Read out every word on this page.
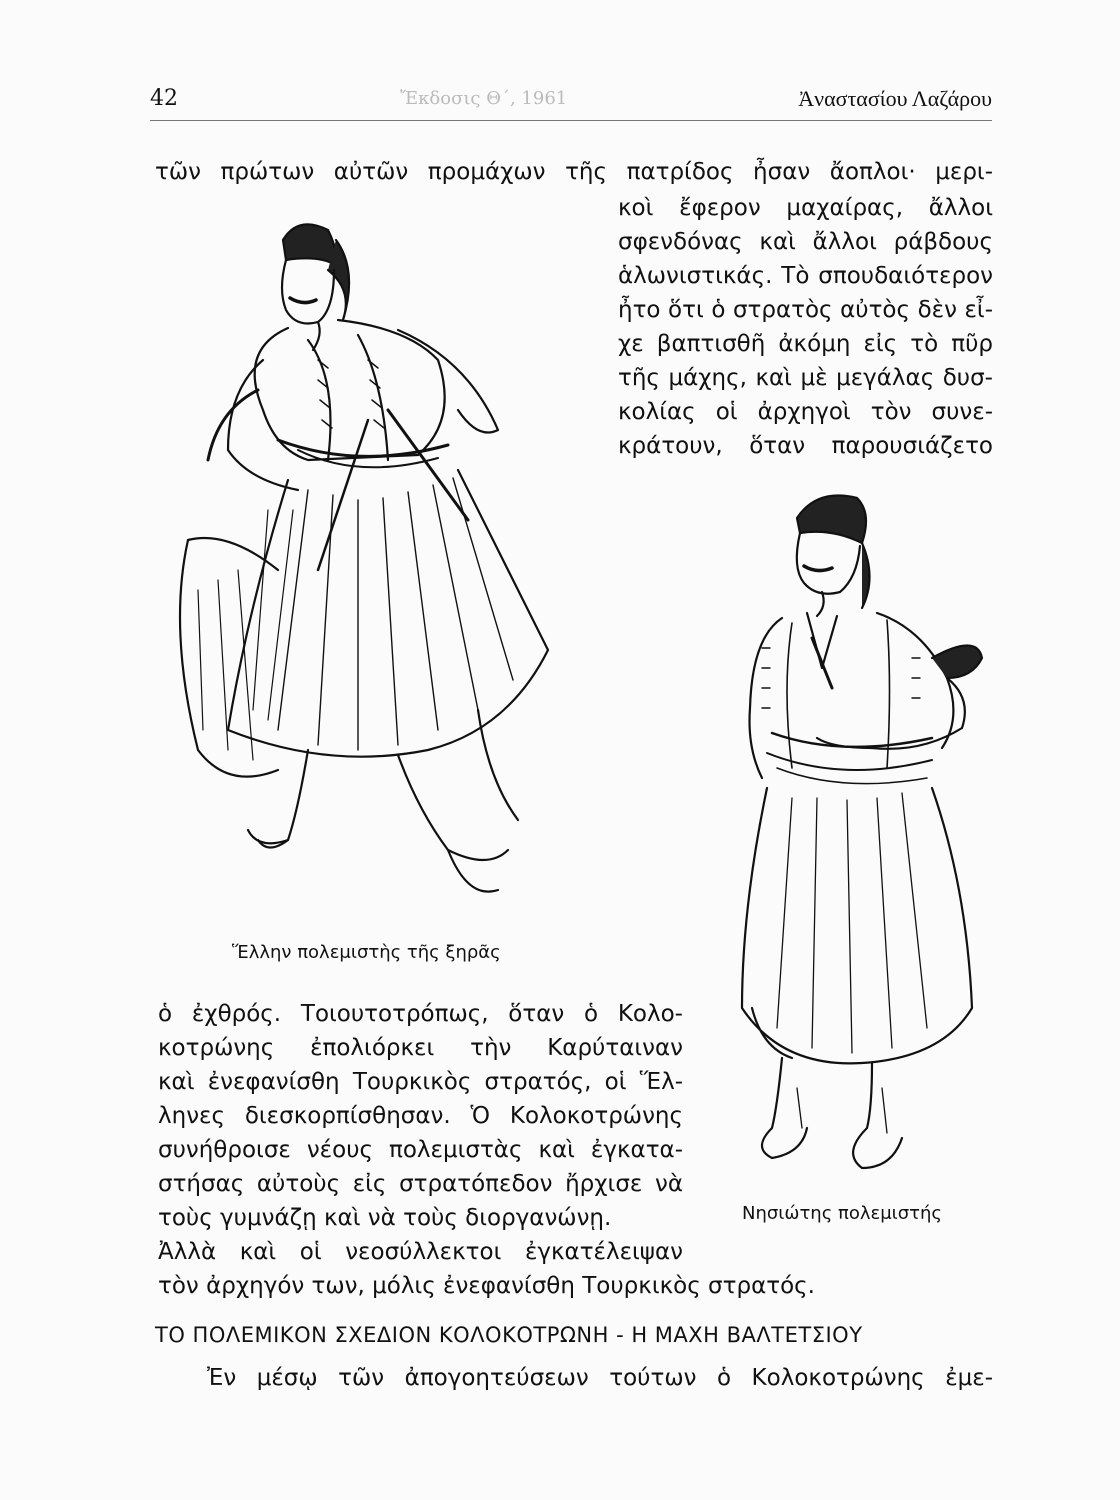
Ἔκδοσις Θ΄, 1961
42	Ἀναστασίου Λαζάρου
τῶν πρώτων αὐτῶν προμάχων τῆς πατρίδος ἦσαν ἄοπλοι· μερι-
κοὶ ἔφερον μαχαίρας, ἄλλοι
σφενδόνας καὶ ἄλλοι ράβδους
ἁλωνιστικάς. Τὸ σπουδαιότερον
ἦτο ὅτι ὁ στρατὸς αὐτὸς δὲν εἶ-
χε βαπτισθῆ ἀκόμη εἰς τὸ πῦρ
τῆς μάχης, καὶ μὲ μεγάλας δυσ-
κολίας οἱ ἀρχηγοὶ τὸν συνε-
κράτουν, ὅταν παρουσιάζετο
Ἕλλην πολεμιστὴς τῆς ξηρᾶς
Νησιώτης πολεμιστής
ὁ ἐχθρός. Τοιουτοτρόπως, ὅταν ὁ Κολο-
κοτρώνης ἐπολιόρκει τὴν Καρύταιναν
καὶ ἐνεφανίσθη Τουρκικὸς στρατός, οἱ Ἕλ-
ληνες διεσκορπίσθησαν. Ὁ Κολοκοτρώνης
συνήθροισε νέους πολεμιστὰς καὶ ἐγκατα-
στήσας αὐτοὺς εἰς στρατόπεδον ἤρχισε νὰ
τοὺς γυμνάζῃ καὶ νὰ τοὺς διοργανώνῃ.
Ἀλλὰ καὶ οἱ νεοσύλλεκτοι ἐγκατέλειψαν
τὸν ἀρχηγόν των, μόλις ἐνεφανίσθη Τουρκικὸς στρατός.
ΤΟ ΠΟΛΕΜΙΚΟΝ ΣΧΕΔΙΟΝ ΚΟΛΟΚΟΤΡΩΝΗ - Η ΜΑΧΗ ΒΑΛΤΕΤΣΙΟΥ
Ἐν μέσῳ τῶν ἀπογοητεύσεων τούτων ὁ Κολοκοτρώνης ἐμε-
